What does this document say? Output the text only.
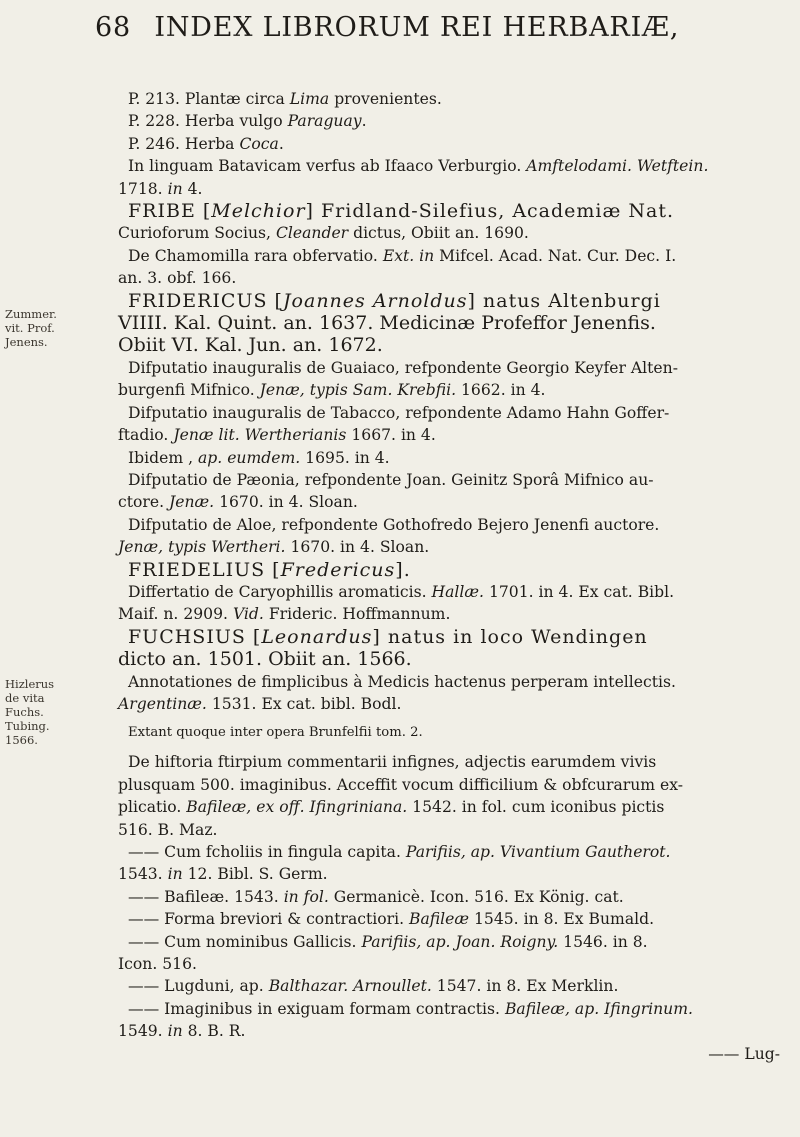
68 INDEX LIBRORUM REI HERBARIÆ,
Zummer.
vit. Prof.
Jenens.
Hizlerus
de vita
Fuchs.
Tubing.
1566.
P. 213. Plantæ circa Lima provenientes.
P. 228. Herba vulgo Paraguay.
P. 246. Herba Coca.
In linguam Batavicam verfus ab Ifaaco Verburgio. Amftelodami. Wetftein.
1718. in 4.
FRIBE [Melchior] Fridland-Silefius, Academiæ Nat.
Curioforum Socius, Cleander dictus, Obiit an. 1690.
De Chamomilla rara obfervatio. Ext. in Mifcel. Acad. Nat. Cur. Dec. I.
an. 3. obf. 166.
FRIDERICUS [Joannes Arnoldus] natus Altenburgi
VIIII. Kal. Quint. an. 1637. Medicinæ Profeffor Jenenfis.
Obiit VI. Kal. Jun. an. 1672.
Difputatio inauguralis de Guaiaco, refpondente Georgio Keyfer Alten-
burgenfi Mifnico. Jenæ, typis Sam. Krebfii. 1662. in 4.
Difputatio inauguralis de Tabacco, refpondente Adamo Hahn Goffer-
ftadio. Jenæ lit. Wertherianis 1667. in 4.
Ibidem , ap. eumdem. 1695. in 4.
Difputatio de Pæonia, refpondente Joan. Geinitz Sporâ Mifnico au-
ctore. Jenæ. 1670. in 4. Sloan.
Difputatio de Aloe, refpondente Gothofredo Bejero Jenenfi auctore.
Jenæ, typis Wertheri. 1670. in 4. Sloan.
FRIEDELIUS [Fredericus].
Differtatio de Caryophillis aromaticis. Hallæ. 1701. in 4. Ex cat. Bibl.
Maif. n. 2909. Vid. Frideric. Hoffmannum.
FUCHSIUS [Leonardus] natus in loco Wendingen
dicto an. 1501. Obiit an. 1566.
Annotationes de fimplicibus à Medicis hactenus perperam intellectis.
Argentinæ. 1531. Ex cat. bibl. Bodl.
Extant quoque inter opera Brunfelfii tom. 2.
De hiftoria ftirpium commentarii infignes, adjectis earumdem vivis
plusquam 500. imaginibus. Acceffit vocum difficilium & obfcurarum ex-
plicatio. Bafileæ, ex off. Ifingriniana. 1542. in fol. cum iconibus pictis
516. B. Maz.
—— Cum fcholiis in fingula capita. Parifiis, ap. Vivantium Gautherot.
1543. in 12. Bibl. S. Germ.
—— Bafileæ. 1543. in fol. Germanicè. Icon. 516. Ex König. cat.
—— Forma breviori & contractiori. Bafileæ 1545. in 8. Ex Bumald.
—— Cum nominibus Gallicis. Parifiis, ap. Joan. Roigny. 1546. in 8.
Icon. 516.
—— Lugduni, ap. Balthazar. Arnoullet. 1547. in 8. Ex Merklin.
—— Imaginibus in exiguam formam contractis. Bafileæ, ap. Ifingrinum.
1549. in 8. B. R.
—— Lug-
